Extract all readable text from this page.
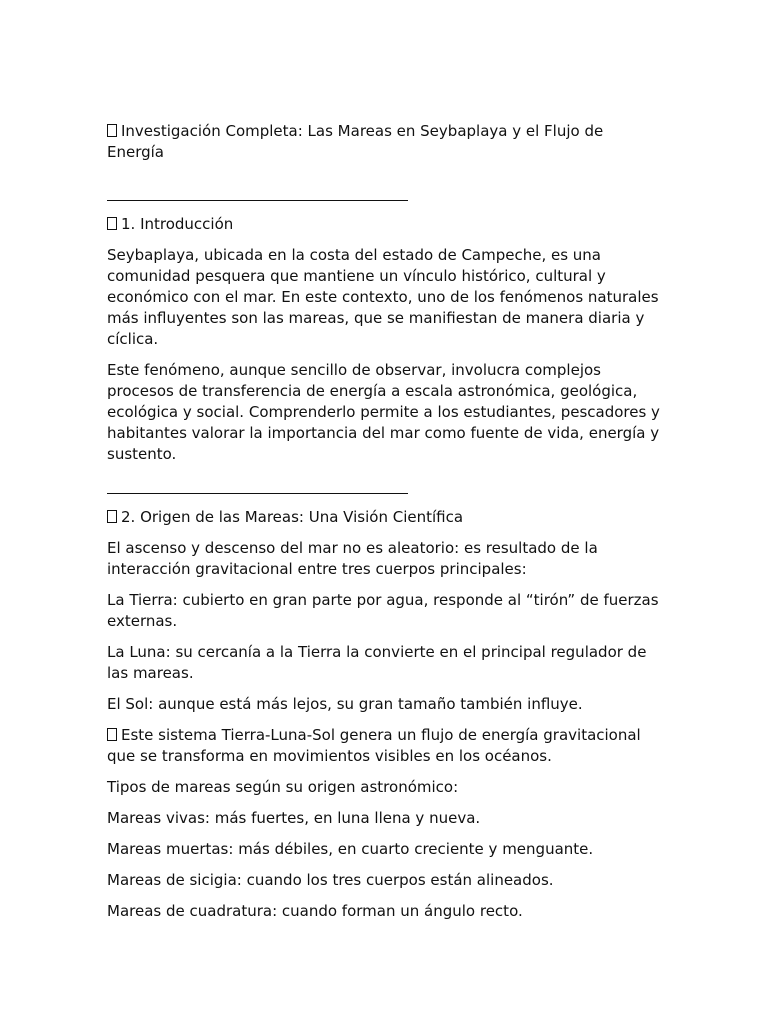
Investigación Completa: Las Mareas en Seybaplaya y el Flujo de Energía

1. Introducción

Seybaplaya, ubicada en la costa del estado de Campeche, es una comunidad pesquera que mantiene un vínculo histórico, cultural y económico con el mar. En este contexto, uno de los fenómenos naturales más influyentes son las mareas, que se manifiestan de manera diaria y cíclica.

Este fenómeno, aunque sencillo de observar, involucra complejos procesos de transferencia de energía a escala astronómica, geológica, ecológica y social. Comprenderlo permite a los estudiantes, pescadores y habitantes valorar la importancia del mar como fuente de vida, energía y sustento.

2. Origen de las Mareas: Una Visión Científica

El ascenso y descenso del mar no es aleatorio: es resultado de la interacción gravitacional entre tres cuerpos principales:

La Tierra: cubierto en gran parte por agua, responde al “tirón” de fuerzas externas.

La Luna: su cercanía a la Tierra la convierte en el principal regulador de las mareas.

El Sol: aunque está más lejos, su gran tamaño también influye.

Este sistema Tierra-Luna-Sol genera un flujo de energía gravitacional que se transforma en movimientos visibles en los océanos.

Tipos de mareas según su origen astronómico:

Mareas vivas: más fuertes, en luna llena y nueva.

Mareas muertas: más débiles, en cuarto creciente y menguante.

Mareas de sicigia: cuando los tres cuerpos están alineados.

Mareas de cuadratura: cuando forman un ángulo recto.
